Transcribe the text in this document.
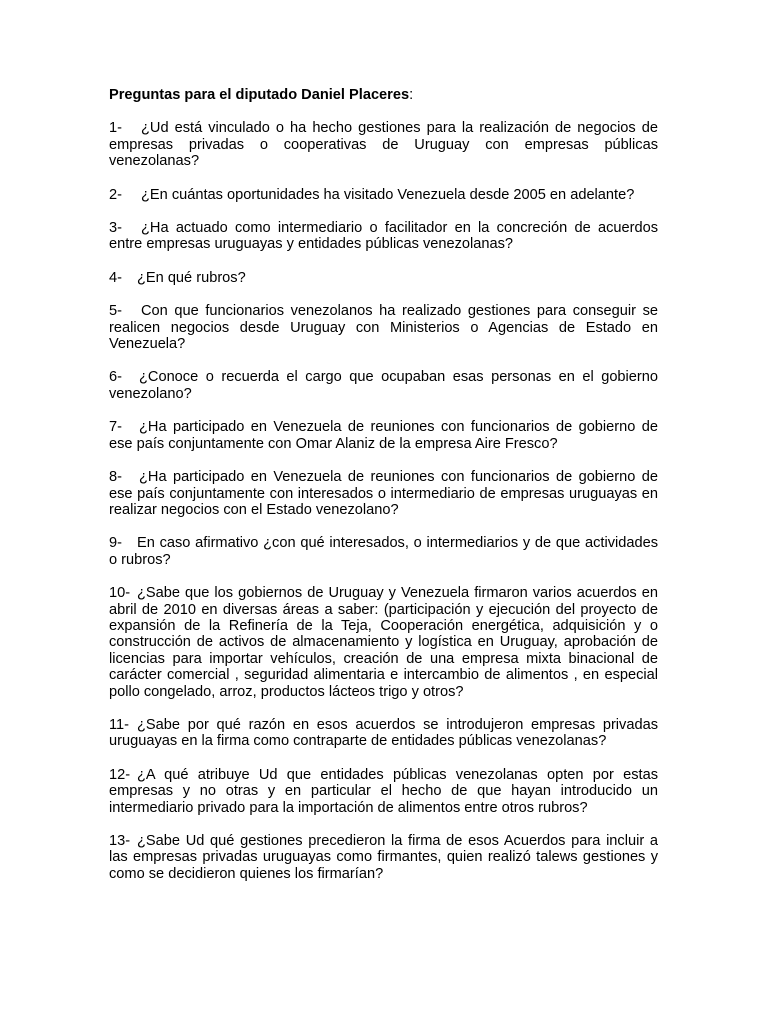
Preguntas para el diputado Daniel Placeres:

1- ¿Ud está vinculado o ha hecho gestiones para la realización de negocios de empresas privadas o cooperativas de Uruguay con empresas públicas venezolanas?

2- ¿En cuántas oportunidades ha visitado Venezuela desde 2005 en adelante?

3- ¿Ha actuado como intermediario o facilitador en la concreción de acuerdos entre empresas uruguayas y entidades públicas venezolanas?

4- ¿En qué rubros?

5- Con que funcionarios venezolanos ha realizado gestiones para conseguir se realicen negocios desde Uruguay con Ministerios o Agencias de Estado en Venezuela?

6- ¿Conoce o recuerda el cargo que ocupaban esas personas en el gobierno venezolano?

7- ¿Ha participado en Venezuela de reuniones con funcionarios de gobierno de ese país conjuntamente con Omar Alaniz de la empresa Aire Fresco?

8- ¿Ha participado en Venezuela de reuniones con funcionarios de gobierno de ese país conjuntamente con interesados o intermediario de empresas uruguayas en realizar negocios con el Estado venezolano?

9- En caso afirmativo ¿con qué interesados, o intermediarios y de que actividades o rubros?

10- ¿Sabe que los gobiernos de Uruguay y Venezuela firmaron varios acuerdos en abril de 2010 en diversas áreas a saber: (participación y ejecución del proyecto de expansión de la Refinería de la Teja, Cooperación energética, adquisición y o construcción de activos de almacenamiento y logística en Uruguay, aprobación de licencias para importar vehículos, creación de una empresa mixta binacional de carácter comercial , seguridad alimentaria e intercambio de alimentos , en especial pollo congelado, arroz, productos lácteos trigo y otros?

11- ¿Sabe por qué razón en esos acuerdos se introdujeron empresas privadas uruguayas en la firma como contraparte de entidades públicas venezolanas?

12- ¿A qué atribuye Ud que entidades públicas venezolanas opten por estas empresas y no otras y en particular el hecho de que hayan introducido un intermediario privado para la importación de alimentos entre otros rubros?

13- ¿Sabe Ud qué gestiones precedieron la firma de esos Acuerdos para incluir a las empresas privadas uruguayas como firmantes, quien realizó talews gestiones y como se decidieron quienes los firmarían?
